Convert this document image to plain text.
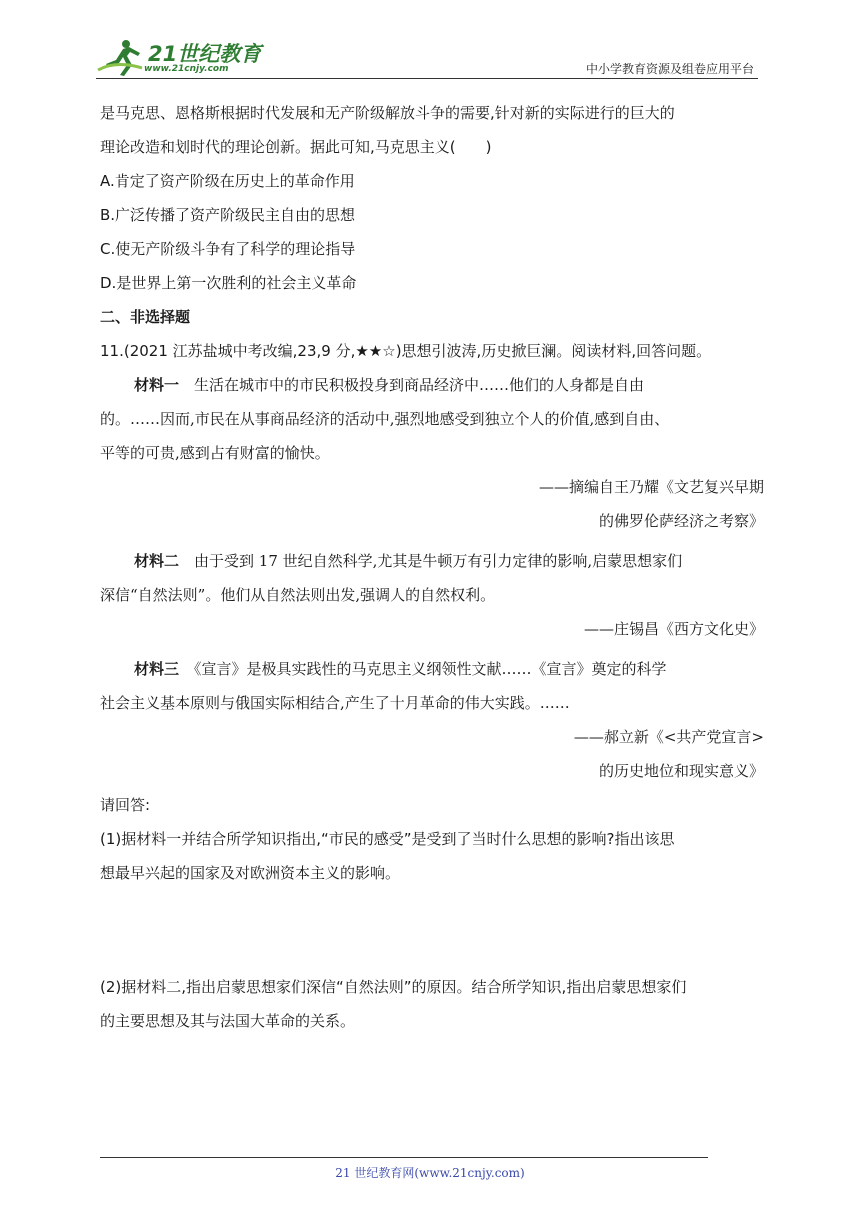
21世纪教育
www.21cnjy.com	中小学教育资源及组卷应用平台
是马克思、恩格斯根据时代发展和无产阶级解放斗争的需要,针对新的实际进行的巨大的
理论改造和划时代的理论创新。据此可知,马克思主义(　　)
A.肯定了资产阶级在历史上的革命作用
B.广泛传播了资产阶级民主自由的思想
C.使无产阶级斗争有了科学的理论指导
D.是世界上第一次胜利的社会主义革命
二、非选择题
11.(2021 江苏盐城中考改编,23,9 分,★★☆)思想引波涛,历史掀巨澜。阅读材料,回答问题。
材料一　生活在城市中的市民积极投身到商品经济中……他们的人身都是自由
的。……因而,市民在从事商品经济的活动中,强烈地感受到独立个人的价值,感到自由、
平等的可贵,感到占有财富的愉快。
——摘编自王乃耀《文艺复兴早期
的佛罗伦萨经济之考察》
材料二　由于受到 17 世纪自然科学,尤其是牛顿万有引力定律的影响,启蒙思想家们
深信“自然法则”。他们从自然法则出发,强调人的自然权利。
——庄锡昌《西方文化史》
材料三　《宣言》是极具实践性的马克思主义纲领性文献……《宣言》奠定的科学
社会主义基本原则与俄国实际相结合,产生了十月革命的伟大实践。……
——郝立新《<共产党宣言>
的历史地位和现实意义》
请回答:
(1)据材料一并结合所学知识指出,“市民的感受”是受到了当时什么思想的影响?指出该思
想最早兴起的国家及对欧洲资本主义的影响。
(2)据材料二,指出启蒙思想家们深信“自然法则”的原因。结合所学知识,指出启蒙思想家们
的主要思想及其与法国大革命的关系。
21 世纪教育网(www.21cnjy.com)
